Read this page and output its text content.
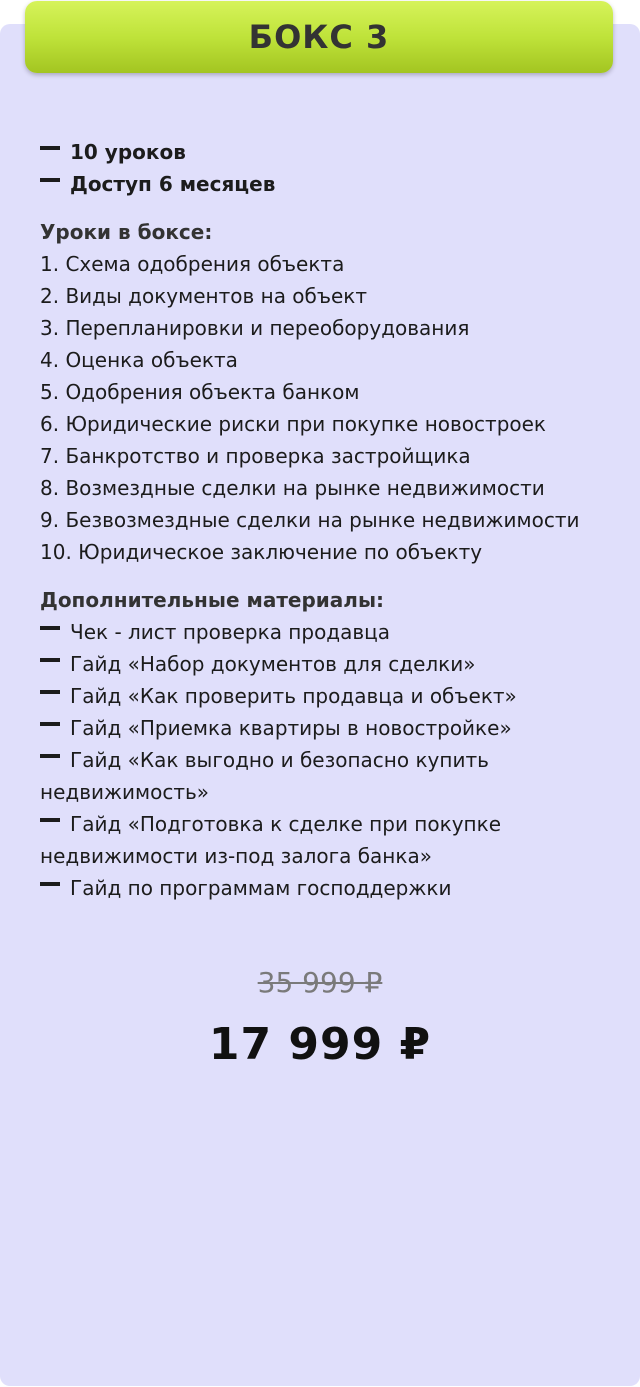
10 уроков
Доступ 6 месяцев
Уроки в боксе:
1. Схема одобрения объекта
2. Виды документов на объект
3. Перепланировки и переоборудования
4. Оценка объекта
5. Одобрения объекта банком
6. Юридические риски при покупке новостроек
7. Банкротство и проверка застройщика
8. Возмездные сделки на рынке недвижимости
9. Безвозмездные сделки на рынке недвижимости
10. Юридическое заключение по объекту
Дополнительные материалы:
Чек - лист проверка продавца
Гайд «Набор документов для сделки»
Гайд «Как проверить продавца и объект»
Гайд «Приемка квартиры в новостройке»
Гайд «Как выгодно и безопасно купить недвижимость»
Гайд «Подготовка к сделке при покупке недвижимости из-под залога банка»
Гайд по программам господдержки
35 999 ₽
17 999 ₽
БОКС 3
